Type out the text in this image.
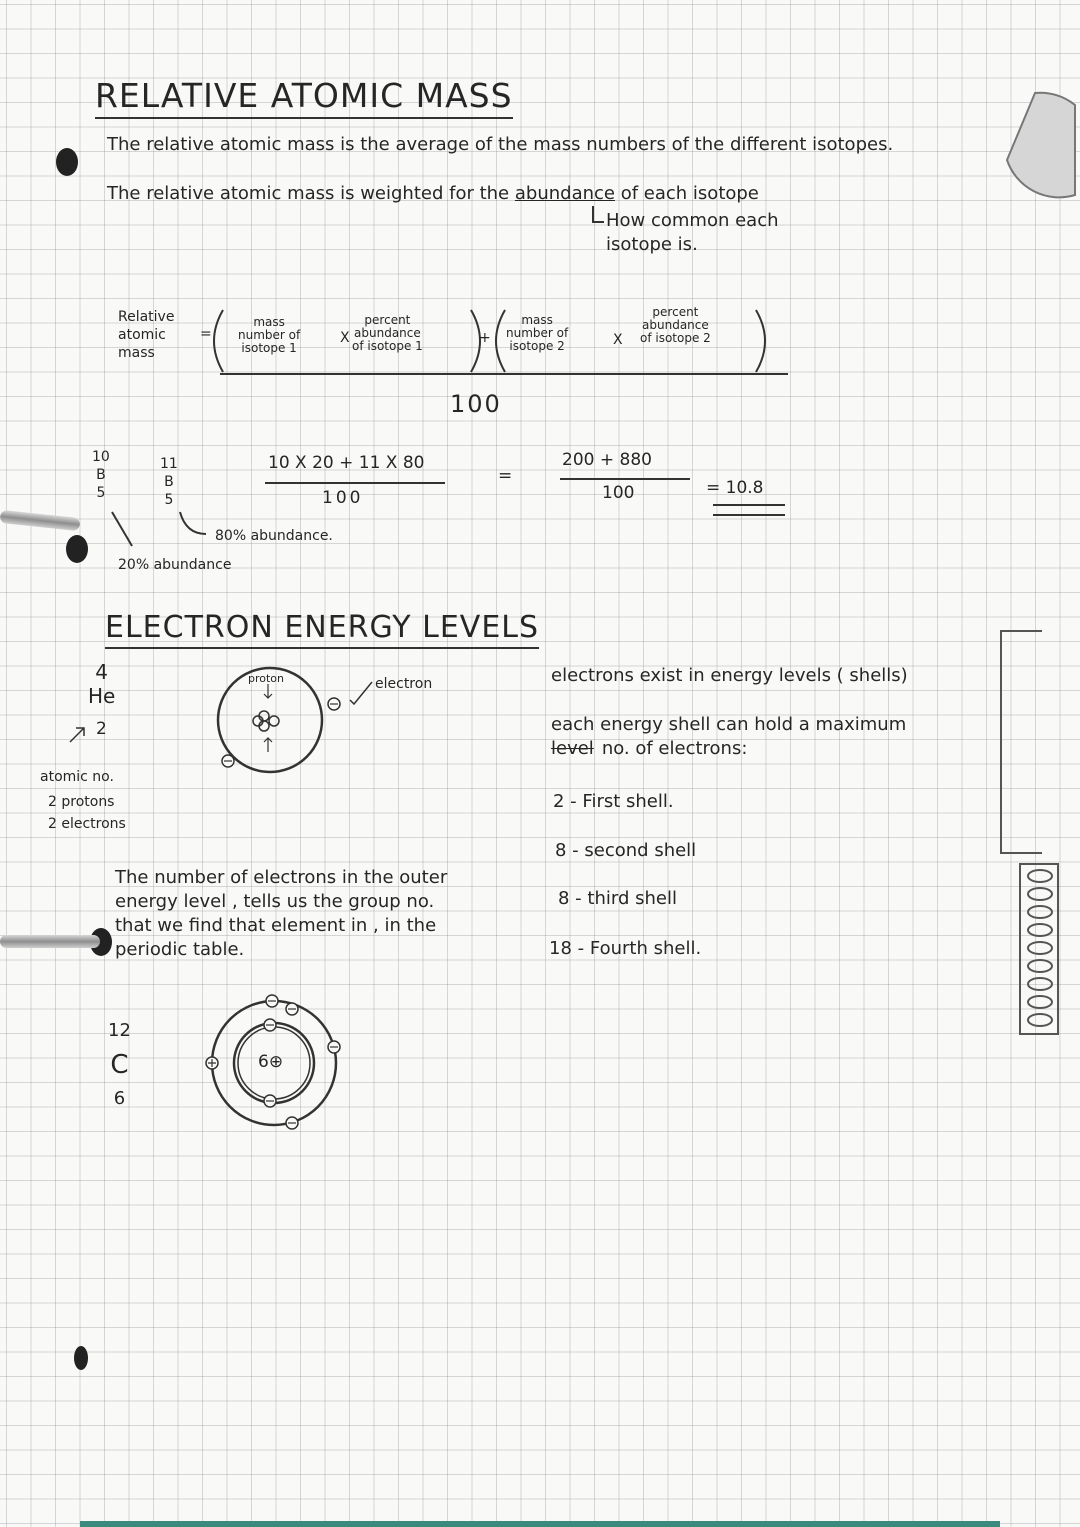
RELATIVE ATOMIC MASS
The relative atomic mass is the average of the mass numbers of the different isotopes.
The relative atomic mass is weighted for the abundance of each isotope
How common each
isotope is.
Relative
atomic
mass
=
mass
number of
isotope 1
X
percent
abundance
of isotope 1	+
mass
number of
isotope 2	X
percent
abundance
of isotope 2
100
10
B
5
11
B
5
80% abundance.
20% abundance
10 X 20 + 11 X 80
100
=
200 + 880
100	= 10.8
ELECTRON ENERGY LEVELS
4
He
2
atomic no.
2 protons
2 electrons
proton	electron
The number of electrons in the outer
energy level , tells us the group no.
that we find that element in , in the
periodic table.
12
C
6
6⊕
electrons exist in energy levels ( shells)
each energy shell can hold a maximum
level no. of electrons:
2 - First shell.
8 - second shell
8 - third shell
18 - Fourth shell.
